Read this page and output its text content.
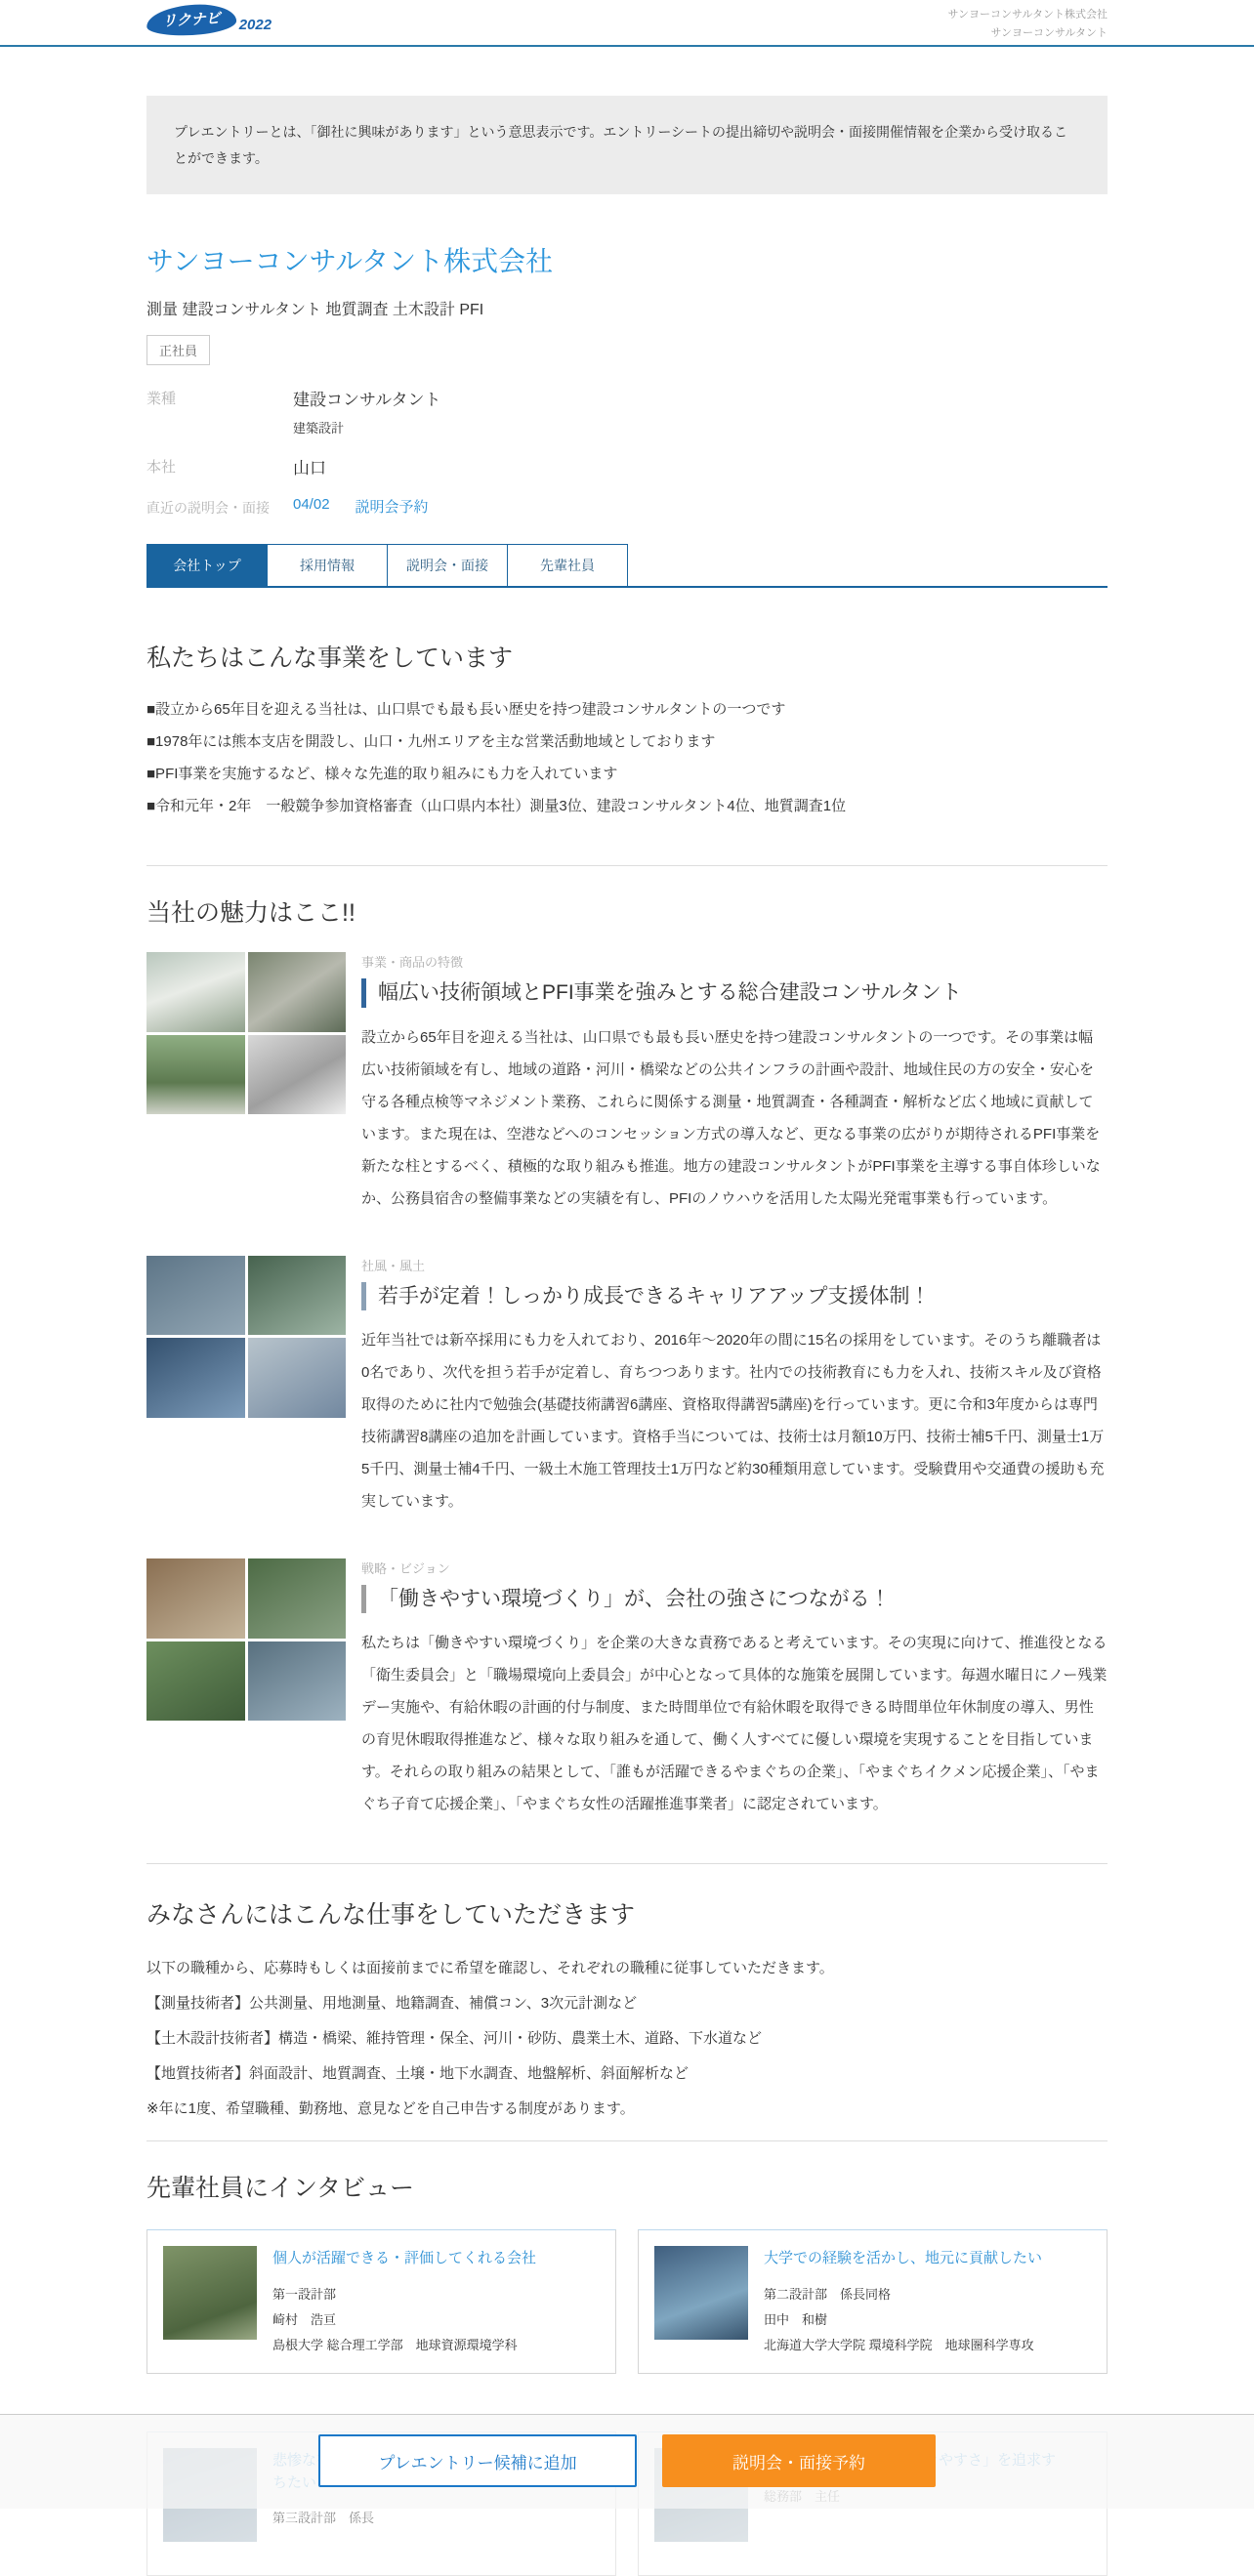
リクナビ	2022
サンヨーコンサルタント株式会社
サンヨーコンサルタント
プレエントリーとは、「御社に興味があります」という意思表示です。エントリーシートの提出締切や説明会・面接開催情報を企業から受け取ることができます。
サンヨーコンサルタント株式会社
測量 建設コンサルタント 地質調査 土木設計 PFI
正社員
業種	建設コンサルタント
建築設計
本社	山口
直近の説明会・面接	04/02 説明会予約
会社トップ	採用情報	説明会・面接	先輩社員
私たちはこんな事業をしています
■設立から65年目を迎える当社は、山口県でも最も長い歴史を持つ建設コンサルタントの一つです
■1978年には熊本支店を開設し、山口・九州エリアを主な営業活動地域としております
■PFI事業を実施するなど、様々な先進的取り組みにも力を入れています
■令和元年・2年　一般競争参加資格審査（山口県内本社）測量3位、建設コンサルタント4位、地質調査1位
当社の魅力はここ!!
事業・商品の特徴
幅広い技術領域とPFI事業を強みとする総合建設コンサルタント
設立から65年目を迎える当社は、山口県でも最も長い歴史を持つ建設コンサルタントの一つです。その事業は幅広い技術領域を有し、地域の道路・河川・橋梁などの公共インフラの計画や設計、地域住民の方の安全・安心を守る各種点検等マネジメント業務、これらに関係する測量・地質調査・各種調査・解析など広く地域に貢献しています。また現在は、空港などへのコンセッション方式の導入など、更なる事業の広がりが期待されるPFI事業を新たな柱とするべく、積極的な取り組みも推進。地方の建設コンサルタントがPFI事業を主導する事自体珍しいなか、公務員宿舎の整備事業などの実績を有し、PFIのノウハウを活用した太陽光発電事業も行っています。
社風・風土
若手が定着！しっかり成長できるキャリアアップ支援体制！
近年当社では新卒採用にも力を入れており、2016年～2020年の間に15名の採用をしています。そのうち離職者は0名であり、次代を担う若手が定着し、育ちつつあります。社内での技術教育にも力を入れ、技術スキル及び資格取得のために社内で勉強会(基礎技術講習6講座、資格取得講習5講座)を行っています。更に令和3年度からは専門技術講習8講座の追加を計画しています。資格手当については、技術士は月額10万円、技術士補5千円、測量士1万5千円、測量士補4千円、一級土木施工管理技士1万円など約30種類用意しています。受験費用や交通費の援助も充実しています。
戦略・ビジョン
「働きやすい環境づくり」が、会社の強さにつながる！
私たちは「働きやすい環境づくり」を企業の大きな責務であると考えています。その実現に向けて、推進役となる「衛生委員会」と「職場環境向上委員会」が中心となって具体的な施策を展開しています。毎週水曜日にノー残業デー実施や、有給休暇の計画的付与制度、また時間単位で有給休暇を取得できる時間単位年休制度の導入、男性の育児休暇取得推進など、様々な取り組みを通して、働く人すべてに優しい環境を実現することを目指しています。それらの取り組みの結果として、「誰もが活躍できるやまぐちの企業」、「やまぐちイクメン応援企業」、「やまぐち子育て応援企業」、「やまぐち女性の活躍推進事業者」に認定されています。
みなさんにはこんな仕事をしていただきます
以下の職種から、応募時もしくは面接前までに希望を確認し、それぞれの職種に従事していただきます。
【測量技術者】公共測量、用地測量、地籍調査、補償コン、3次元計測など
【土木設計技術者】構造・橋梁、維持管理・保全、河川・砂防、農業土木、道路、下水道など
【地質技術者】斜面設計、地質調査、土壌・地下水調査、地盤解析、斜面解析など
※年に1度、希望職種、勤務地、意見などを自己申告する制度があります。
先輩社員にインタビュー
個人が活躍できる・評価してくれる会社
第一設計部
崎村　浩亘
島根大学 総合理工学部　地球資源環境学科
大学での経験を活かし、地元に貢献したい
第二設計部　係長同格
田中　和樹
北海道大学大学院 環境科学院　地球圏科学専攻

第三設計部　係長
プレエントリー候補に追加	説明会・面接予約
